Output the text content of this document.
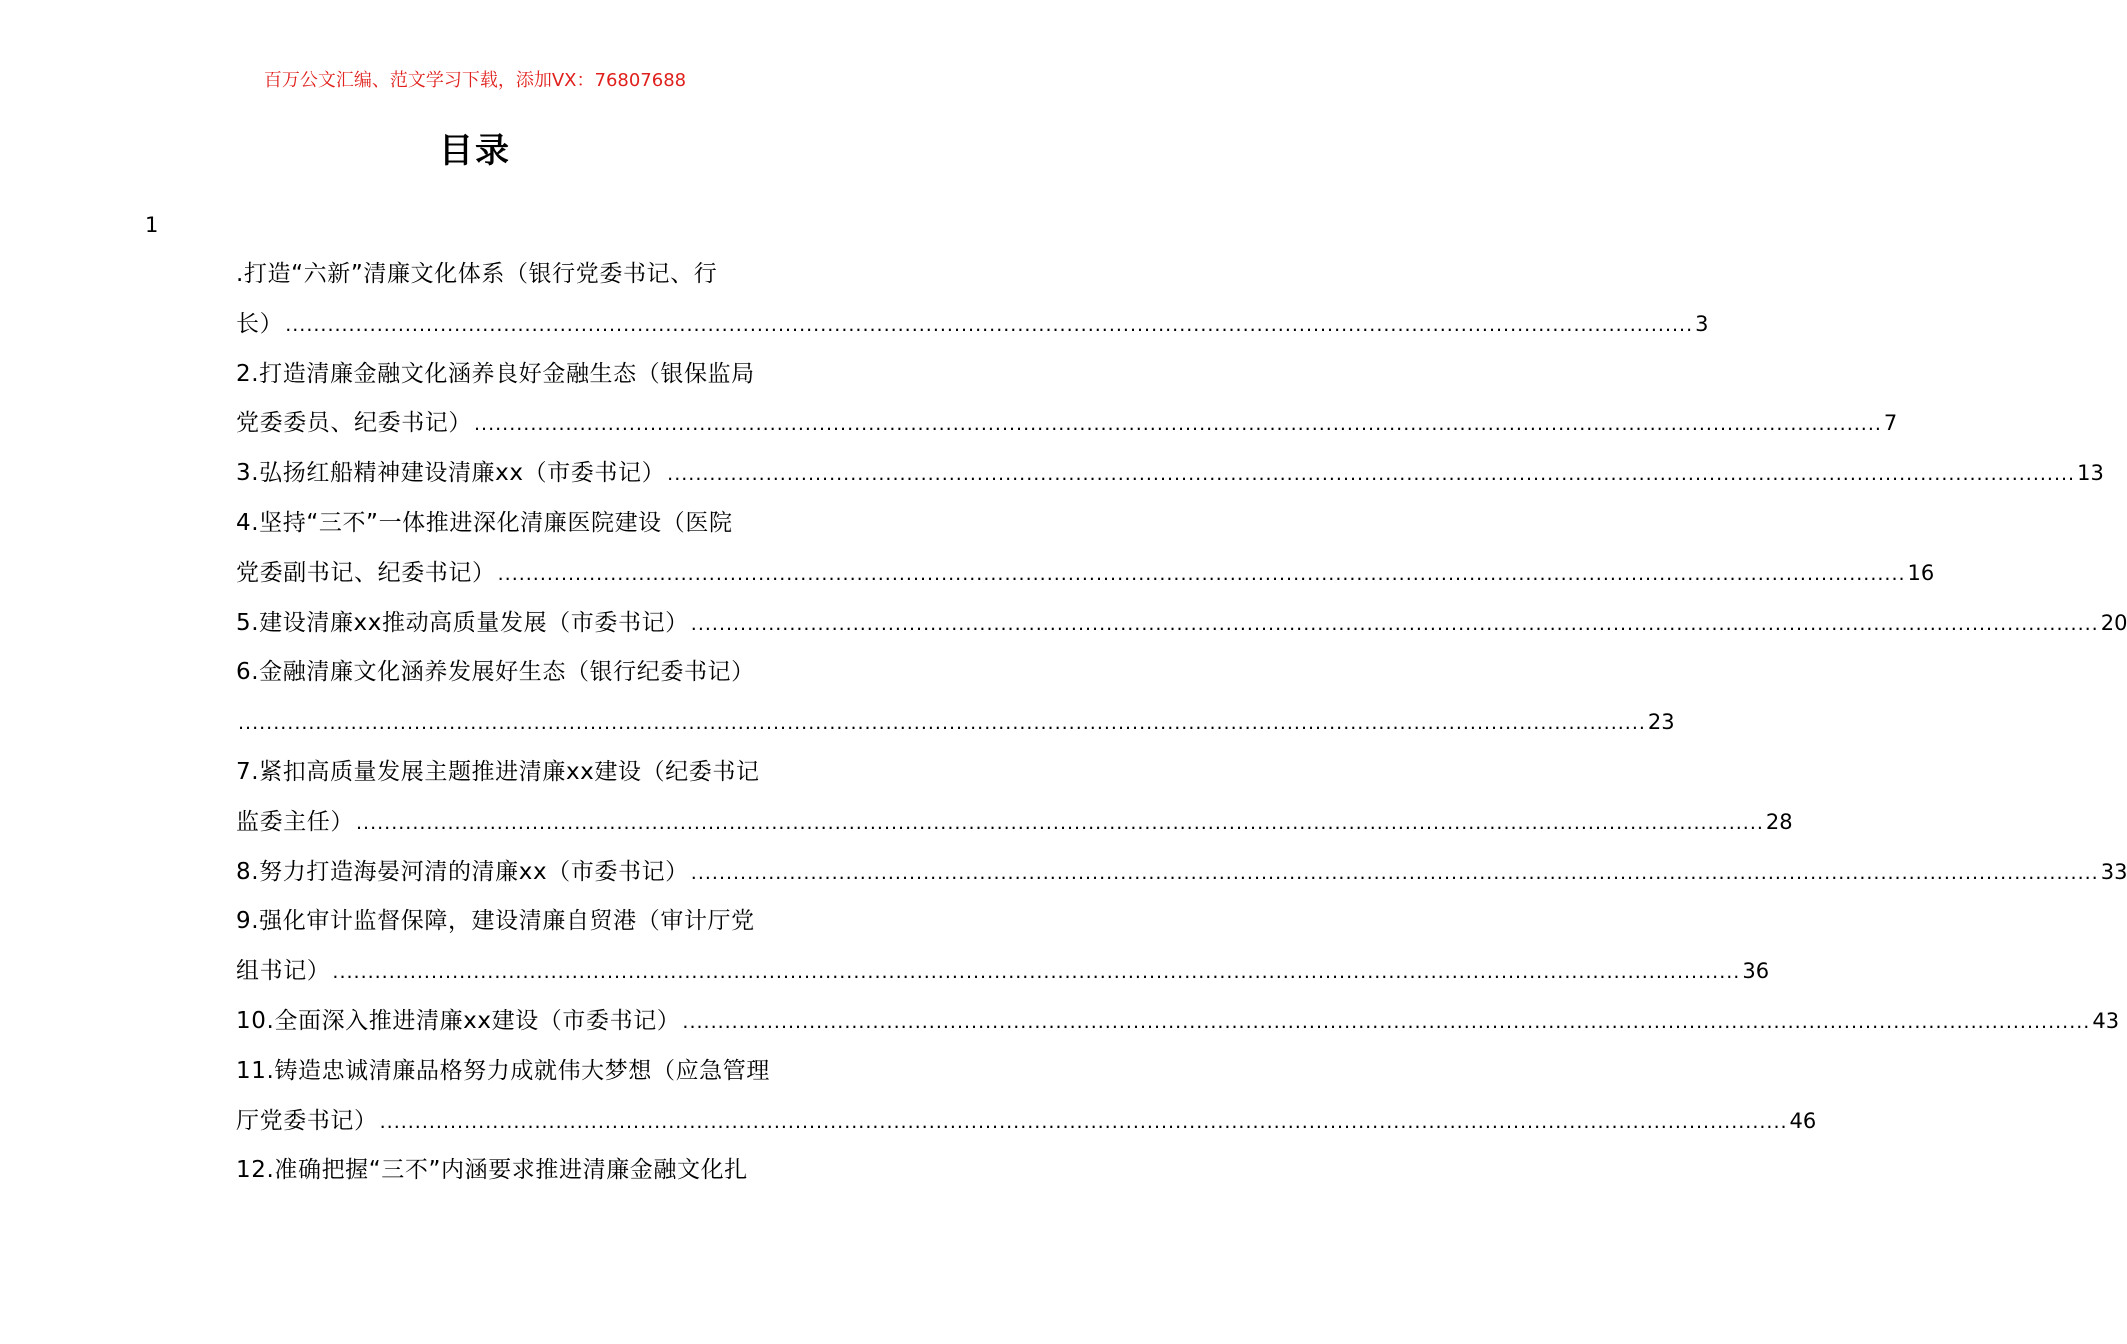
百万公文汇编、范文学习下载，添加VX：76807688
目录
1
.打造“六新”清廉文化体系（银行党委书记、行
长） ........................................................................................................................................................................................................ 3
2.打造清廉金融文化涵养良好金融生态（银保监局
党委委员、纪委书记） ........................................................................................................................................................................................................ 7
3.弘扬红船精神建设清廉xx（市委书记） ........................................................................................................................................................................................................ 13
4.坚持“三不”一体推进深化清廉医院建设（医院
党委副书记、纪委书记） ........................................................................................................................................................................................................ 16
5.建设清廉xx推动高质量发展（市委书记） ........................................................................................................................................................................................................ 20
6.金融清廉文化涵养发展好生态（银行纪委书记）
........................................................................................................................................................................................................ 23
7.紧扣高质量发展主题推进清廉xx建设（纪委书记
监委主任） ........................................................................................................................................................................................................ 28
8.努力打造海晏河清的清廉xx（市委书记） ........................................................................................................................................................................................................ 33
9.强化审计监督保障，建设清廉自贸港（审计厅党
组书记） ........................................................................................................................................................................................................ 36
10.全面深入推进清廉xx建设（市委书记） ........................................................................................................................................................................................................ 43
11.铸造忠诚清廉品格努力成就伟大梦想（应急管理
厅党委书记） ........................................................................................................................................................................................................ 46
12.准确把握“三不”内涵要求推进清廉金融文化扎
